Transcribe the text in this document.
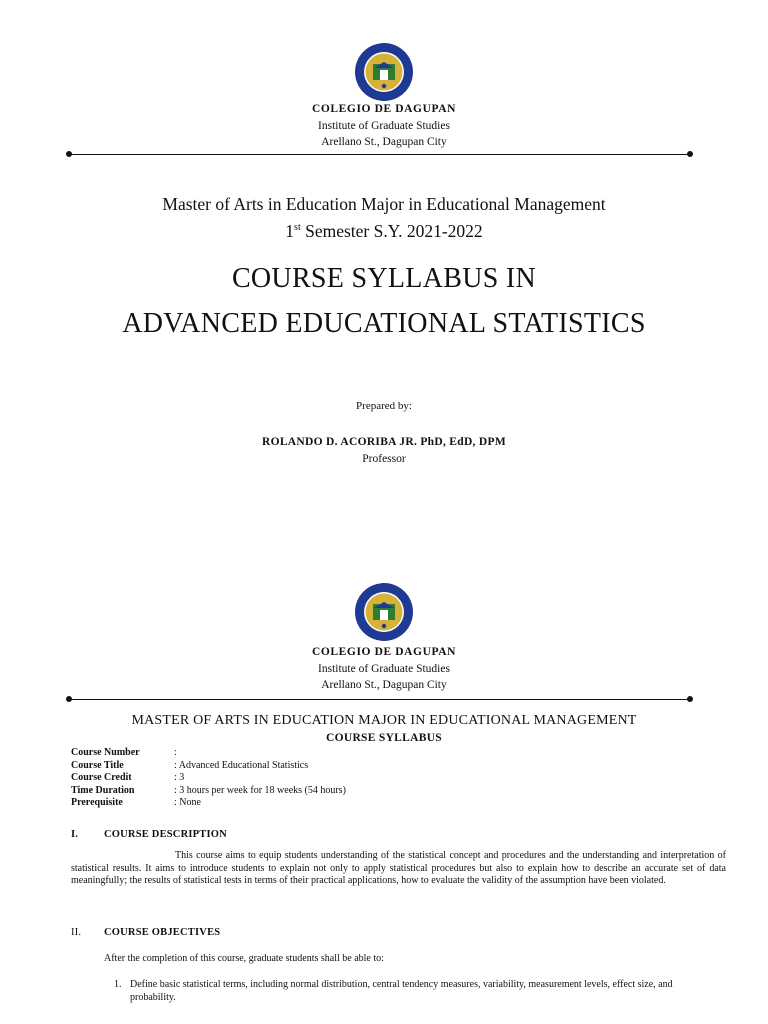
COLEGIO DE DAGUPAN
Institute of Graduate Studies
Arellano St., Dagupan City
Master of Arts in Education Major in Educational Management
1st Semester S.Y. 2021-2022
COURSE SYLLABUS IN
ADVANCED EDUCATIONAL STATISTICS
Prepared by:
ROLANDO D. ACORIBA JR. PhD, EdD, DPM
Professor
COLEGIO DE DAGUPAN
Institute of Graduate Studies
Arellano St., Dagupan City
MASTER OF ARTS IN EDUCATION MAJOR IN EDUCATIONAL MANAGEMENT
COURSE SYLLABUS
Course Number	:
Course Title	: Advanced Educational Statistics
Course Credit	: 3
Time Duration	: 3 hours per week for 18 weeks (54 hours)
Prerequisite	: None
I. COURSE DESCRIPTION
This course aims to equip students understanding of the statistical concept and procedures and the understanding and interpretation of statistical results. It aims to introduce students to explain not only to apply statistical procedures but also to explain how to describe an accurate set of data meaningfully; the results of statistical tests in terms of their practical applications, how to evaluate the validity of the assumption have been violated.
II. COURSE OBJECTIVES
After the completion of this course, graduate students shall be able to:
1. Define basic statistical terms, including normal distribution, central tendency measures, variability, measurement levels, effect size, and probability.
